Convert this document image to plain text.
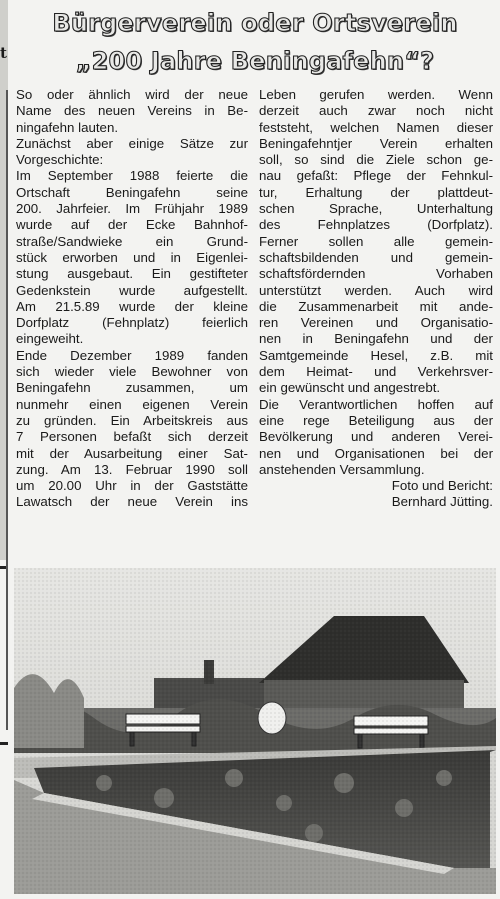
t
Bürgerverein oder Ortsverein
„200 Jahre Beningafehn“?
So oder ähnlich wird der neue
Name des neuen Vereins in Be-
ningafehn lauten.
Zunächst aber einige Sätze zur
Vorgeschichte:
Im September 1988 feierte die
Ortschaft Beningafehn seine
200. Jahrfeier. Im Frühjahr 1989
wurde auf der Ecke Bahnhof-
straße/Sandwieke ein Grund-
stück erworben und in Eigenlei-
stung ausgebaut. Ein gestifteter
Gedenkstein wurde aufgestellt.
Am 21.5.89 wurde der kleine
Dorfplatz (Fehnplatz) feierlich
eingeweiht.
Ende Dezember 1989 fanden
sich wieder viele Bewohner von
Beningafehn zusammen, um
nunmehr einen eigenen Verein
zu gründen. Ein Arbeitskreis aus
7 Personen befaßt sich derzeit
mit der Ausarbeitung einer Sat-
zung. Am 13. Februar 1990 soll
um 20.00 Uhr in der Gaststätte
Lawatsch der neue Verein ins
Leben gerufen werden. Wenn
derzeit auch zwar noch nicht
feststeht, welchen Namen dieser
Beningafehntjer Verein erhalten
soll, so sind die Ziele schon ge-
nau gefaßt: Pflege der Fehnkul-
tur, Erhaltung der plattdeut-
schen Sprache, Unterhaltung
des Fehnplatzes (Dorfplatz).
Ferner sollen alle gemein-
schaftsbildenden und gemein-
schaftsfördernden Vorhaben
unterstützt werden. Auch wird
die Zusammenarbeit mit ande-
ren Vereinen und Organisatio-
nen in Beningafehn und der
Samtgemeinde Hesel, z.B. mit
dem Heimat- und Verkehrsver-
ein gewünscht und angestrebt.
Die Verantwortlichen hoffen auf
eine rege Beteiligung aus der
Bevölkerung und anderen Verei-
nen und Organisationen bei der
anstehenden Versammlung.
Foto und Bericht:
Bernhard Jütting.
